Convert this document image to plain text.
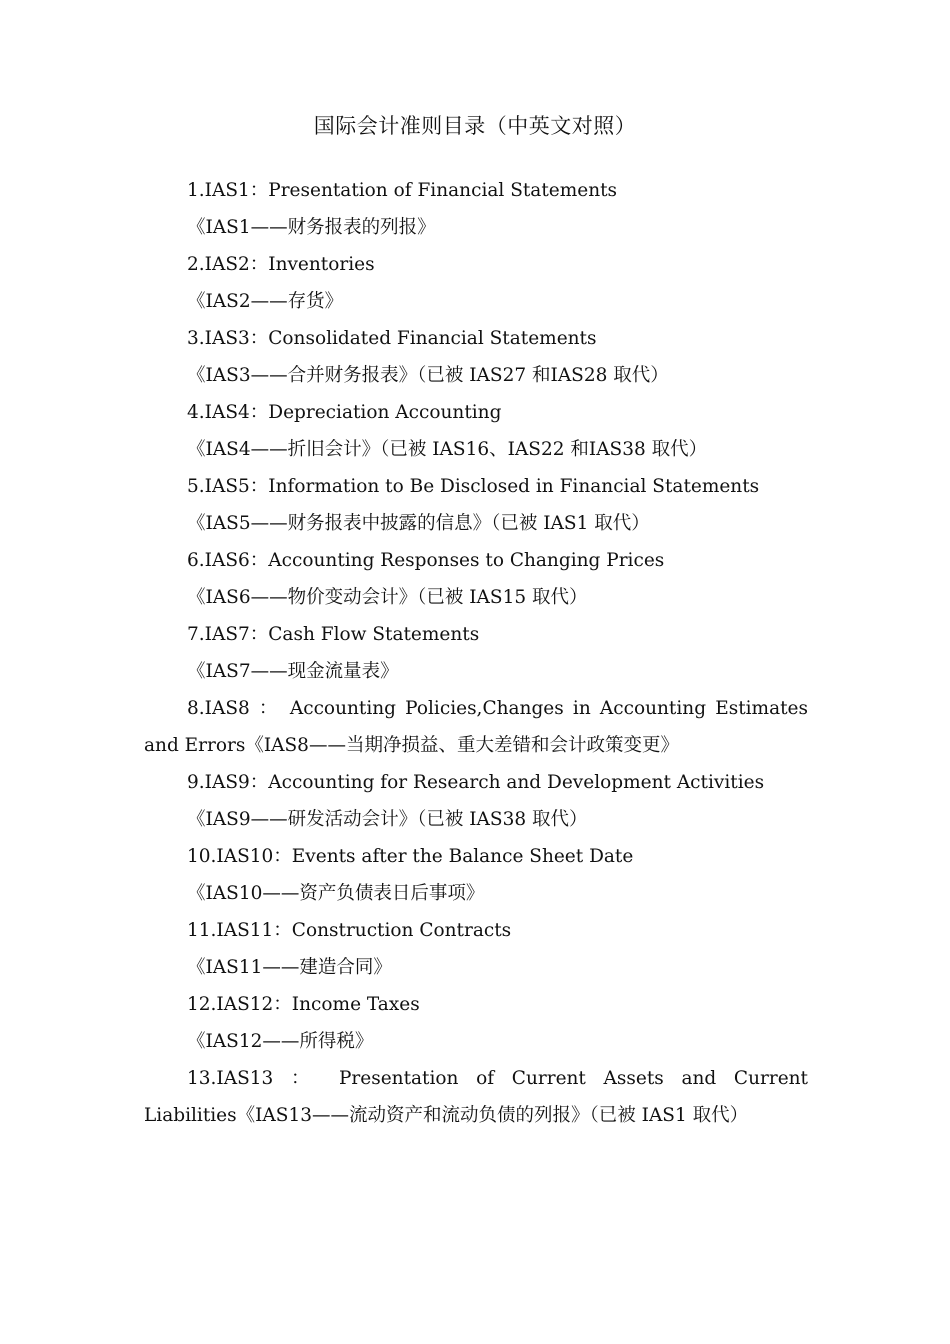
国际会计准则目录（中英文对照）
1.IAS1：Presentation of Financial Statements
《IAS1——财务报表的列报》
2.IAS2：Inventories
《IAS2——存货》
3.IAS3：Consolidated Financial Statements
《IAS3——合并财务报表》（已被 IAS27 和IAS28 取代）
4.IAS4：Depreciation Accounting
《IAS4——折旧会计》（已被 IAS16、IAS22 和IAS38 取代）
5.IAS5：Information to Be Disclosed in Financial Statements
《IAS5——财务报表中披露的信息》（已被 IAS1 取代）
6.IAS6：Accounting Responses to Changing Prices
《IAS6——物价变动会计》（已被 IAS15 取代）
7.IAS7：Cash Flow Statements
《IAS7——现金流量表》
8.IAS8 ： Accounting Policies,Changes in Accounting Estimates and Errors《IAS8——当期净损益、重大差错和会计政策变更》
9.IAS9：Accounting for Research and Development Activities
《IAS9——研发活动会计》（已被 IAS38 取代）
10.IAS10：Events after the Balance Sheet Date
《IAS10——资产负债表日后事项》
11.IAS11：Construction Contracts
《IAS11——建造合同》
12.IAS12：Income Taxes
《IAS12——所得税》
13.IAS13 ： Presentation of Current Assets and Current Liabilities《IAS13——流动资产和流动负债的列报》（已被 IAS1 取代）
